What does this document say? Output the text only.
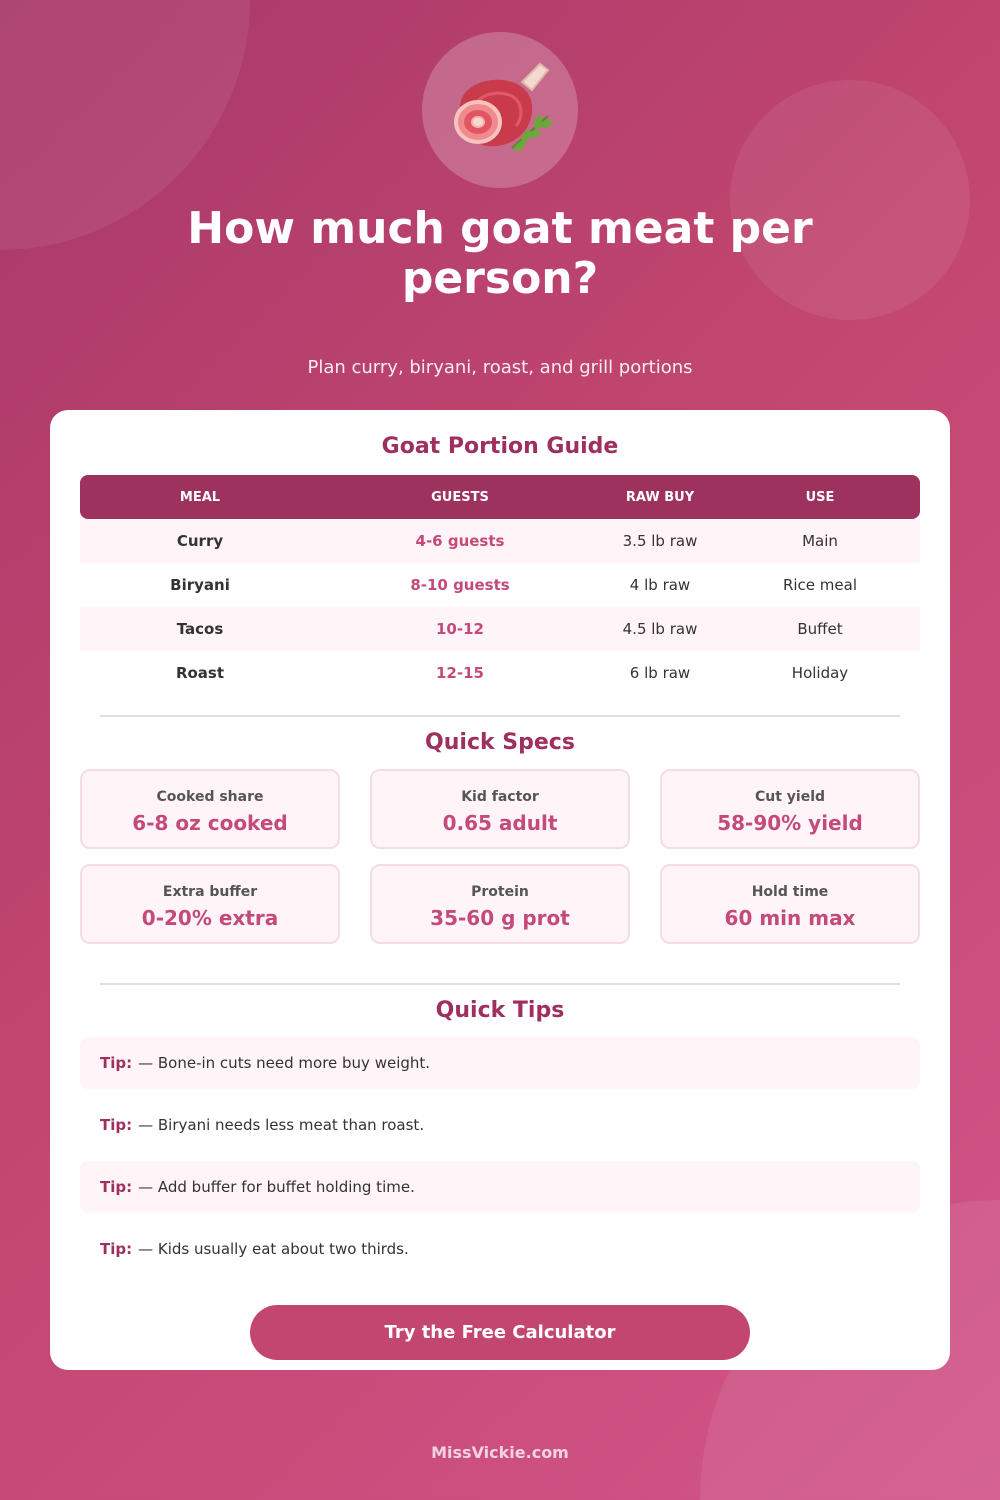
How much goat meat per person?
Plan curry, biryani, roast, and grill portions
Goat Portion Guide
MEAL	GUESTS	RAW BUY	USE
Curry	4-6 guests	3.5 lb raw	Main
Biryani	8-10 guests	4 lb raw	Rice meal
Tacos	10-12	4.5 lb raw	Buffet
Roast	12-15	6 lb raw	Holiday
Quick Specs
Cooked share
6-8 oz cooked
Kid factor
0.65 adult
Cut yield
58-90% yield
Extra buffer
0-20% extra
Protein
35-60 g prot
Hold time
60 min max
Quick Tips
Tip: — Bone-in cuts need more buy weight.
Tip: — Biryani needs less meat than roast.
Tip: — Add buffer for buffet holding time.
Tip: — Kids usually eat about two thirds.
Try the Free Calculator
MissVickie.com
